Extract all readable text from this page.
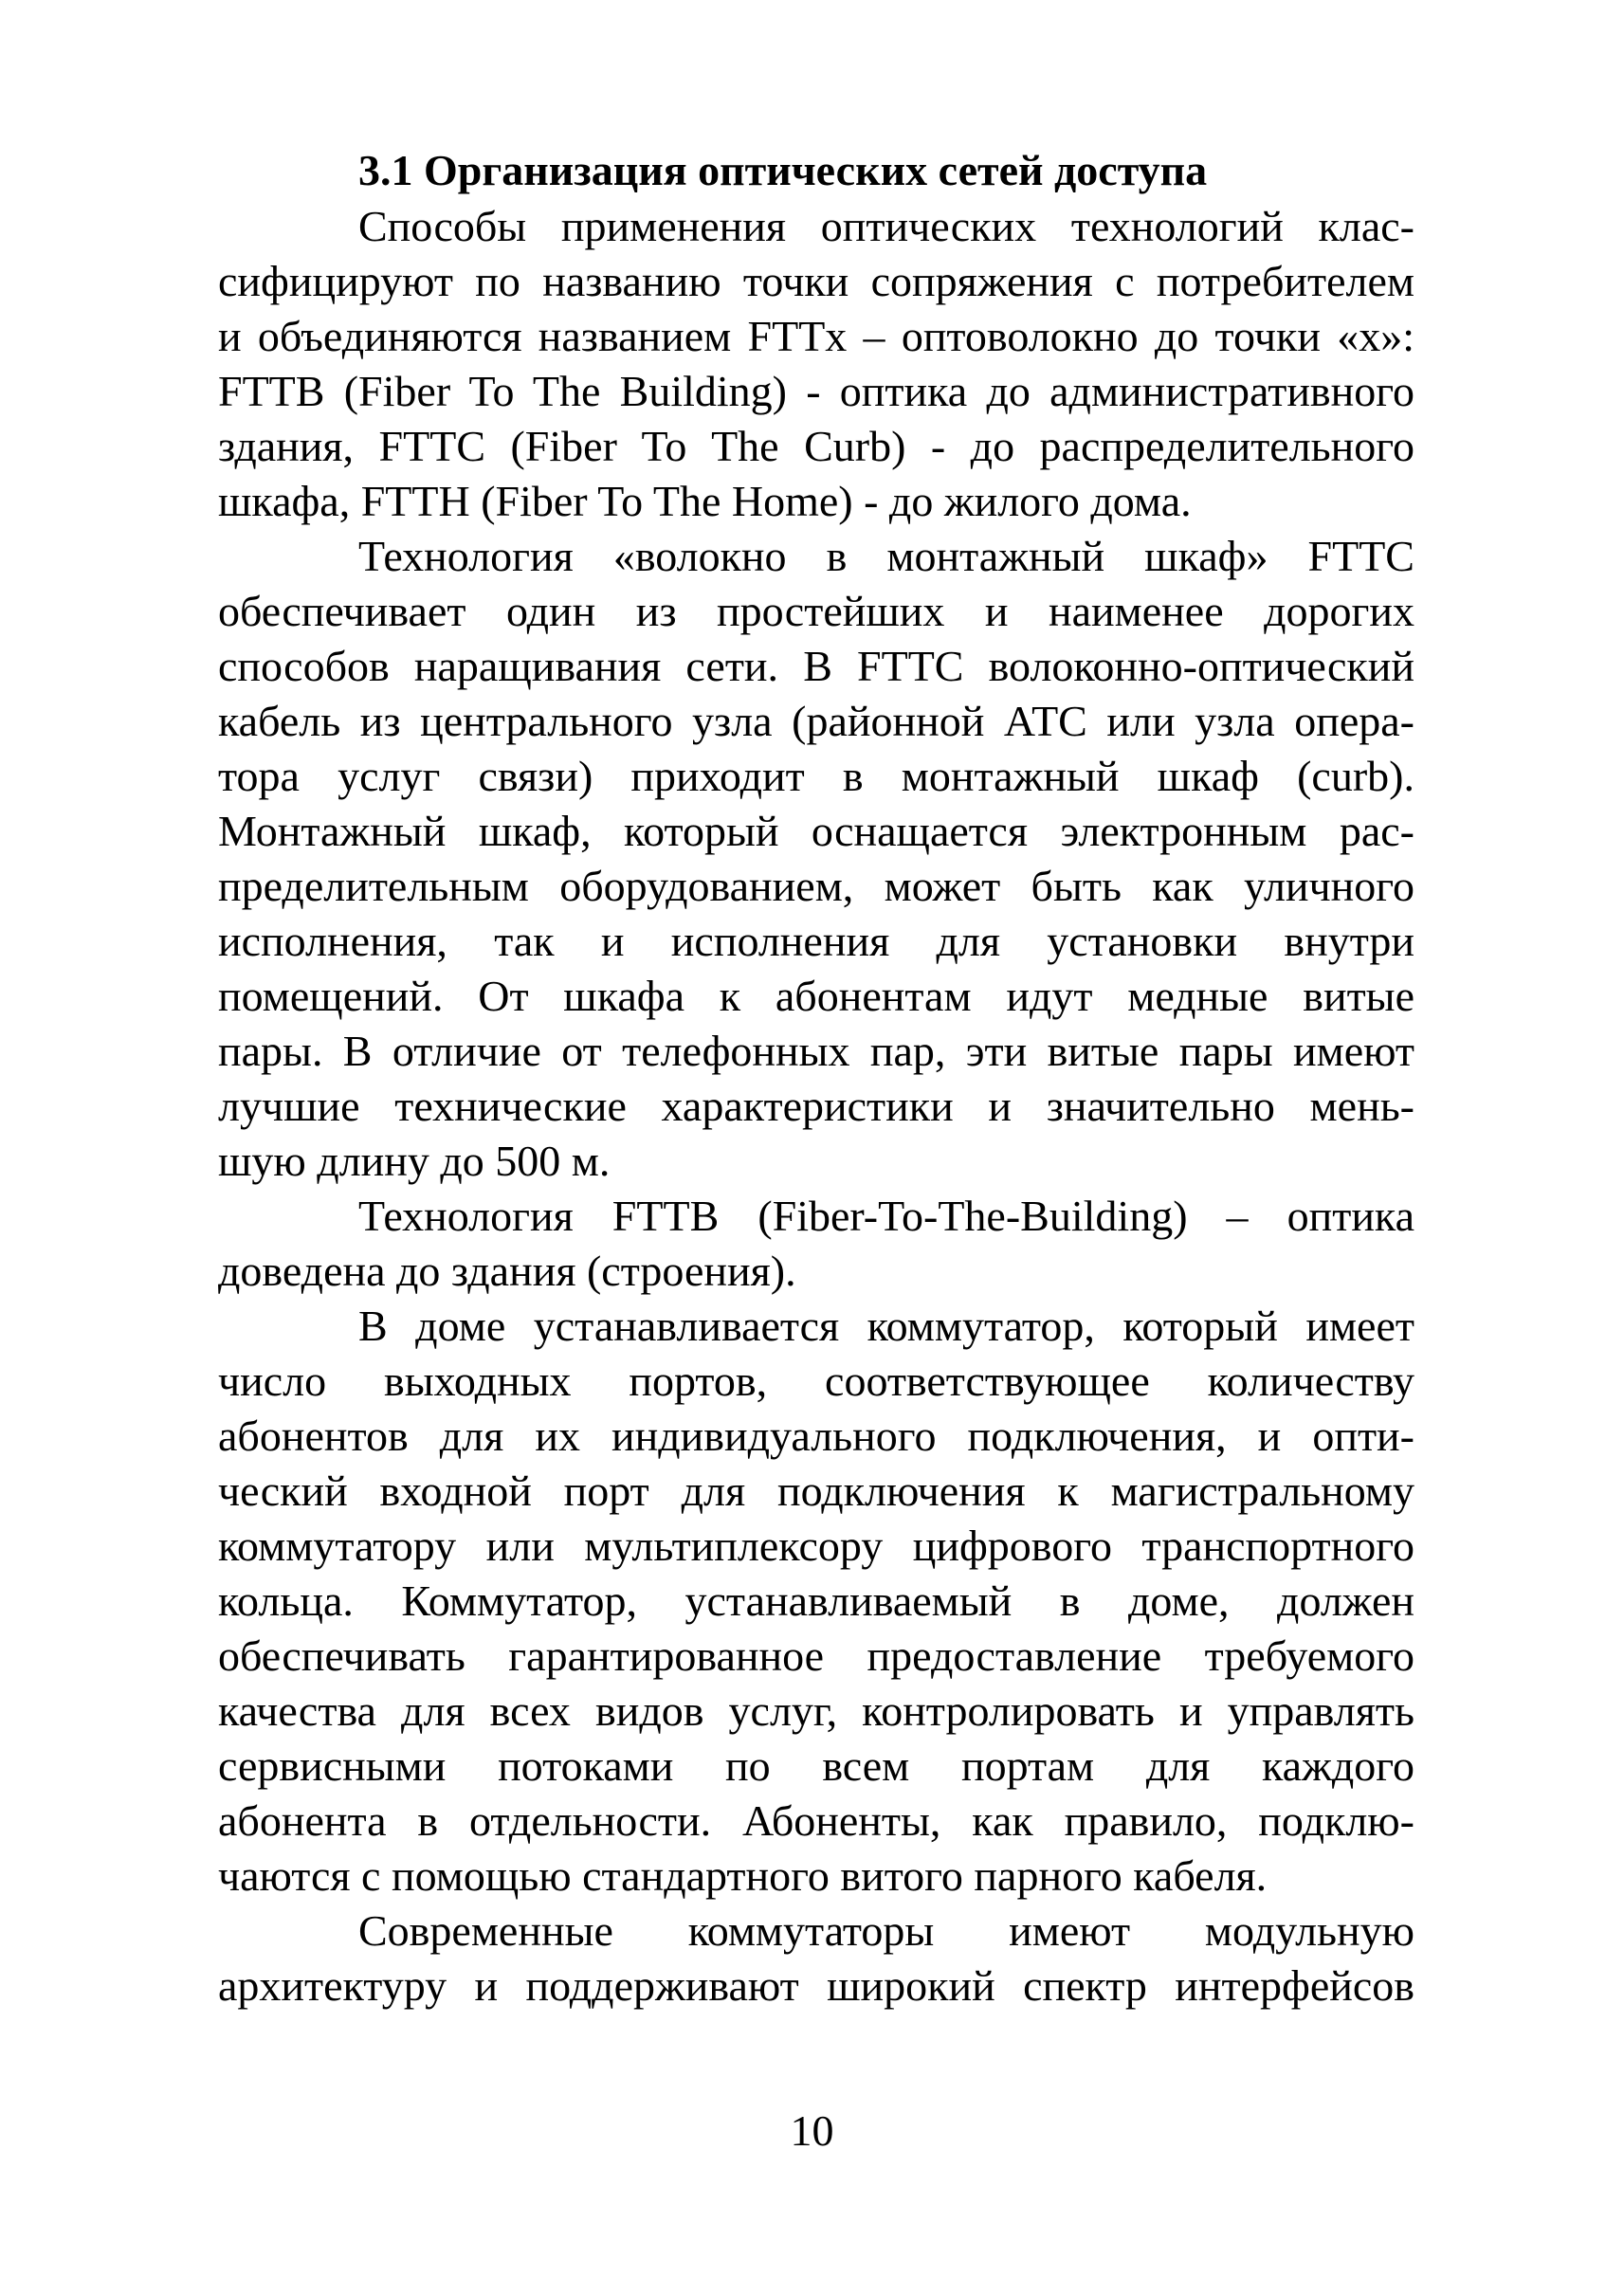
3.1 Организация оптических сетей доступа
Способы применения оптических технологий клас-
сифицируют по названию точки сопряжения с потребителем
и объединяются названием FTTx – оптоволокно до точки «х»:
FTTB (Fiber To The Building) - оптика до административного
здания, FTTC (Fiber To The Curb) - до распределительного
шкафа, FTTH (Fiber To The Home) - до жилого дома.
Технология «волокно в монтажный шкаф» FTTC
обеспечивает один из простейших и наименее дорогих
способов наращивания сети. В FTTC волоконно-оптический
кабель из центрального узла (районной АТС или узла опера-
тора услуг связи) приходит в монтажный шкаф (curb).
Монтажный шкаф, который оснащается электронным рас-
пределительным оборудованием, может быть как уличного
исполнения, так и исполнения для установки внутри
помещений. От шкафа к абонентам идут медные витые
пары. В отличие от телефонных пар, эти витые пары имеют
лучшие технические характеристики и значительно мень-
шую длину до 500 м.
Технология FTTB (Fiber-To-The-Building) – оптика
доведена до здания (строения).
В доме устанавливается коммутатор, который имеет
число выходных портов, соответствующее количеству
абонентов для их индивидуального подключения, и опти-
ческий входной порт для подключения к магистральному
коммутатору или мультиплексору цифрового транспортного
кольца. Коммутатор, устанавливаемый в доме, должен
обеспечивать гарантированное предоставление требуемого
качества для всех видов услуг, контролировать и управлять
сервисными потоками по всем портам для каждого
абонента в отдельности. Абоненты, как правило, подклю-
чаются с помощью стандартного витого парного кабеля.
Современные коммутаторы имеют модульную
архитектуру и поддерживают широкий спектр интерфейсов
10
